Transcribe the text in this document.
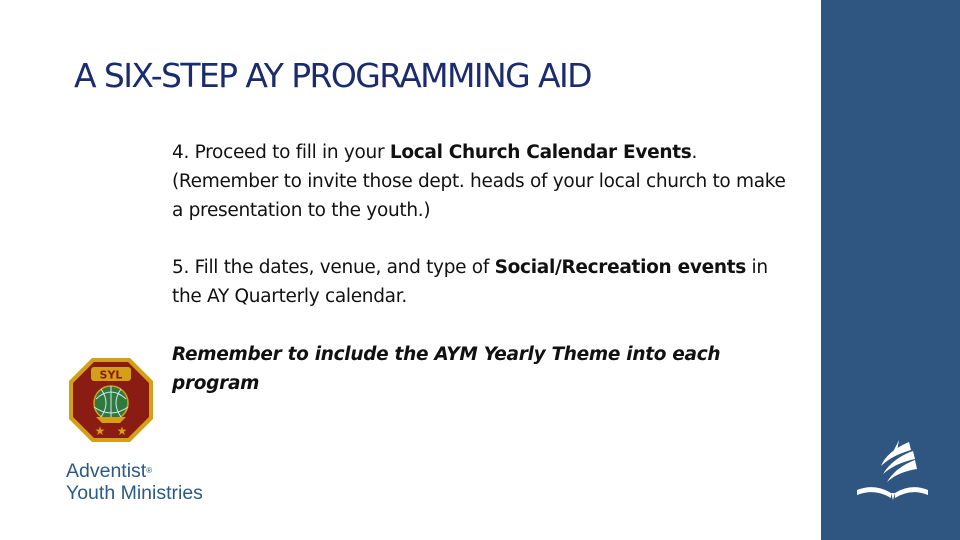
A SIX-STEP AY PROGRAMMING AID

4. Proceed to fill in your Local Church Calendar Events. (Remember to invite those dept. heads of your local church to make a presentation to the youth.)

5. Fill the dates, venue, and type of Social/Recreation events in the AY Quarterly calendar.

Remember to include the AYM Yearly Theme into each program

SYL
★ ★
Adventist®
Youth Ministries
